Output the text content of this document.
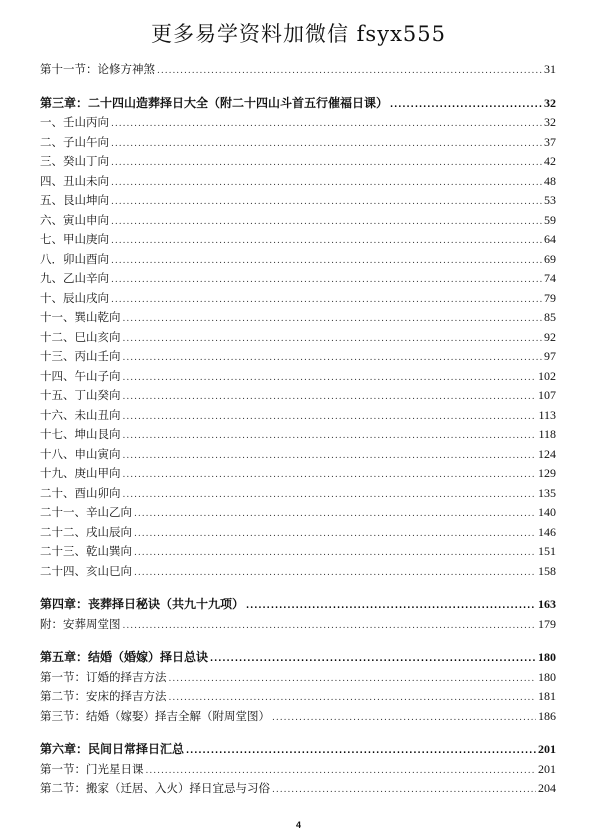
更多易学资料加微信 fsyx555
第十一节：论修方神煞 .....	31
第三章：二十四山造葬择日大全（附二十四山斗首五行催福日课） .....	32
一、壬山丙向 .....	32
二、子山午向 .....	37
三、癸山丁向 .....	42
四、丑山未向 .....	48
五、艮山坤向 .....	53
六、寅山申向 .....	59
七、甲山庚向 .....	64
八．卯山酉向 .....	69
九、乙山辛向 .....	74
十、辰山戌向 .....	79
十一、巽山乾向 .....	85
十二、巳山亥向 .....	92
十三、丙山壬向 .....	97
十四、午山子向 .....	102
十五、丁山癸向 .....	107
十六、未山丑向 .....	113
十七、坤山艮向 .....	118
十八、申山寅向 .....	124
十九、庚山甲向 .....	129
二十、酉山卯向 .....	135
二十一、辛山乙向 .....	140
二十二、戌山辰向 .....	146
二十三、乾山巽向 .....	151
二十四、亥山巳向 .....	158
第四章：丧葬择日秘诀（共九十九项） .....	163
附：安葬周堂图 .....	179
第五章：结婚（婚嫁）择日总诀 .....	180
第一节：订婚的择吉方法 .....	180
第二节：安床的择吉方法 .....	181
第三节：结婚（嫁娶）择吉全解（附周堂图） .....	186
第六章：民间日常择日汇总 .....	201
第一节：门光星日课 .....	201
第二节：搬家（迁居、入火）择日宜忌与习俗 .....	204
4
